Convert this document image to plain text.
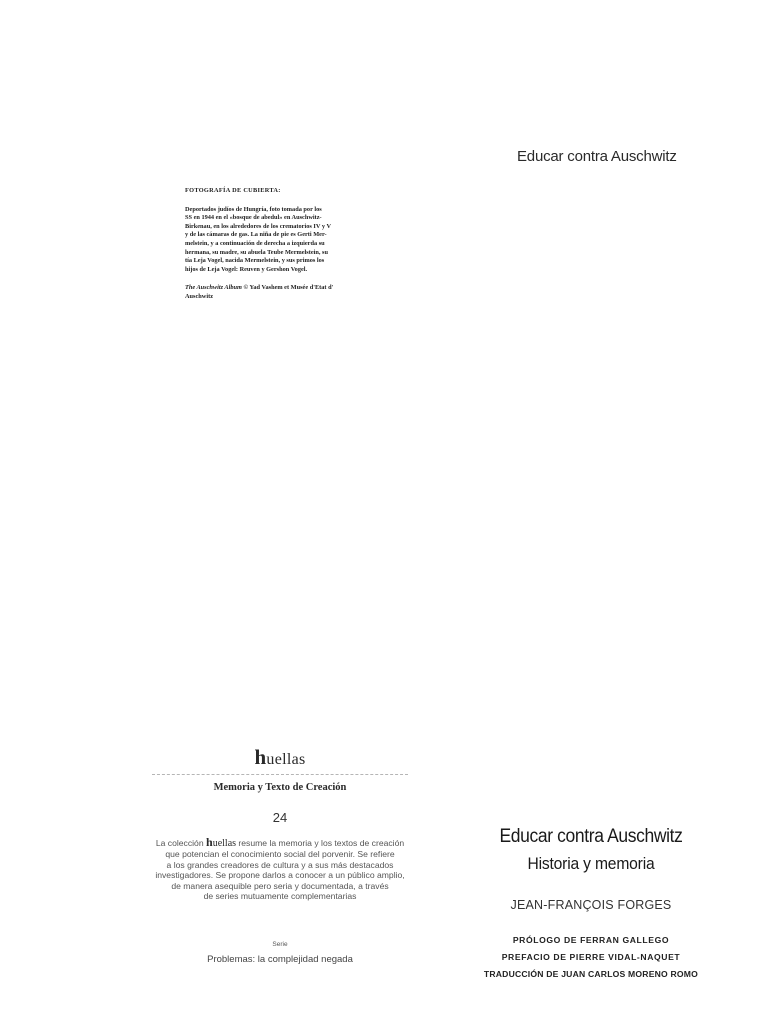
Educar contra Auschwitz
FOTOGRAFÍA DE CUBIERTA:
Deportados judíos de Hungría, foto tomada por los
SS en 1944 en el «bosque de abedul» en Auschwitz-
Birkenau, en los alrededores de los crematorios IV y V
y de las cámaras de gas. La niña de pie es Gerti Mer-
melstein, y a continuación de derecha a izquierda su
hermana, su madre, su abuela Teube Mermelstein, su
tía Leja Vogel, nacida Mermelstein, y sus primos los
hijos de Leja Vogel: Reuven y Gershon Vogel.
The Auschwitz Album © Yad Vashem et Musée d'Etat d'
Auschwitz
huellas
Memoria y Texto de Creación
24
La colección huellas resume la memoria y los textos de creación
que potencian el conocimiento social del porvenir. Se refiere
a los grandes creadores de cultura y a sus más destacados
investigadores. Se propone darlos a conocer a un público amplio,
de manera asequible pero seria y documentada, a través
de series mutuamente complementarias
Serie
Problemas: la complejidad negada
Educar contra Auschwitz
Historia y memoria
JEAN-FRANÇOIS FORGES
PRÓLOGO DE FERRAN GALLEGO
PREFACIO DE PIERRE VIDAL-NAQUET
TRADUCCIÓN DE JUAN CARLOS MORENO ROMO
